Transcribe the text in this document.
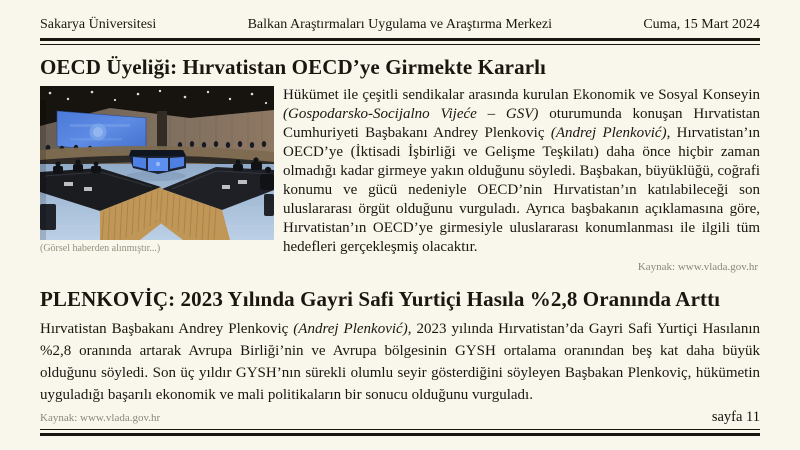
Sakarya Üniversitesi	Balkan Araştırmaları Uygulama ve Araştırma Merkezi	Cuma, 15 Mart 2024
OECD Üyeliği: Hırvatistan OECD’ye Girmekte Kararlı
(Görsel haberden alınmıştır...)
Hükümet ile çeşitli sendikalar arasında kurulan Ekonomik ve Sosyal Konseyin (Gospodarsko-Socijalno Vijeće – GSV) oturumunda konuşan Hırvatistan Cumhuriyeti Başbakanı Andrey Plenkoviç (Andrej Plenković), Hırvatistan’ın OECD’ye (İktisadi İşbirliği ve Gelişme Teşkilatı) daha önce hiçbir zaman olmadığı kadar girmeye yakın olduğunu söyledi. Başbakan, büyüklüğü, coğrafi konumu ve gücü nedeniyle OECD’nin Hırvatistan’ın katılabileceği son uluslararası örgüt olduğunu vurguladı. Ayrıca başbakanın açıklamasına göre, Hırvatistan’ın OECD’ye girmesiyle uluslararası konumlanması ile ilgili tüm hedefleri gerçekleşmiş olacaktır.
Kaynak: www.vlada.gov.hr
PLENKOVİÇ: 2023 Yılında Gayri Safi Yurtiçi Hasıla %2,8 Oranında Arttı
Hırvatistan Başbakanı Andrey Plenkoviç (Andrej Plenković), 2023 yılında Hırvatistan’da Gayri Safi Yurtiçi Hasılanın %2,8 oranında artarak Avrupa Birliği’nin ve Avrupa bölgesinin GYSH ortalama oranından beş kat daha büyük olduğunu söyledi. Son üç yıldır GYSH’nın sürekli olumlu seyir gösterdiğini söyleyen Başbakan Plenkoviç, hükümetin uyguladığı başarılı ekonomik ve mali politikaların bir sonucu olduğunu vurguladı.
Kaynak: www.vlada.gov.hr	sayfa 11
